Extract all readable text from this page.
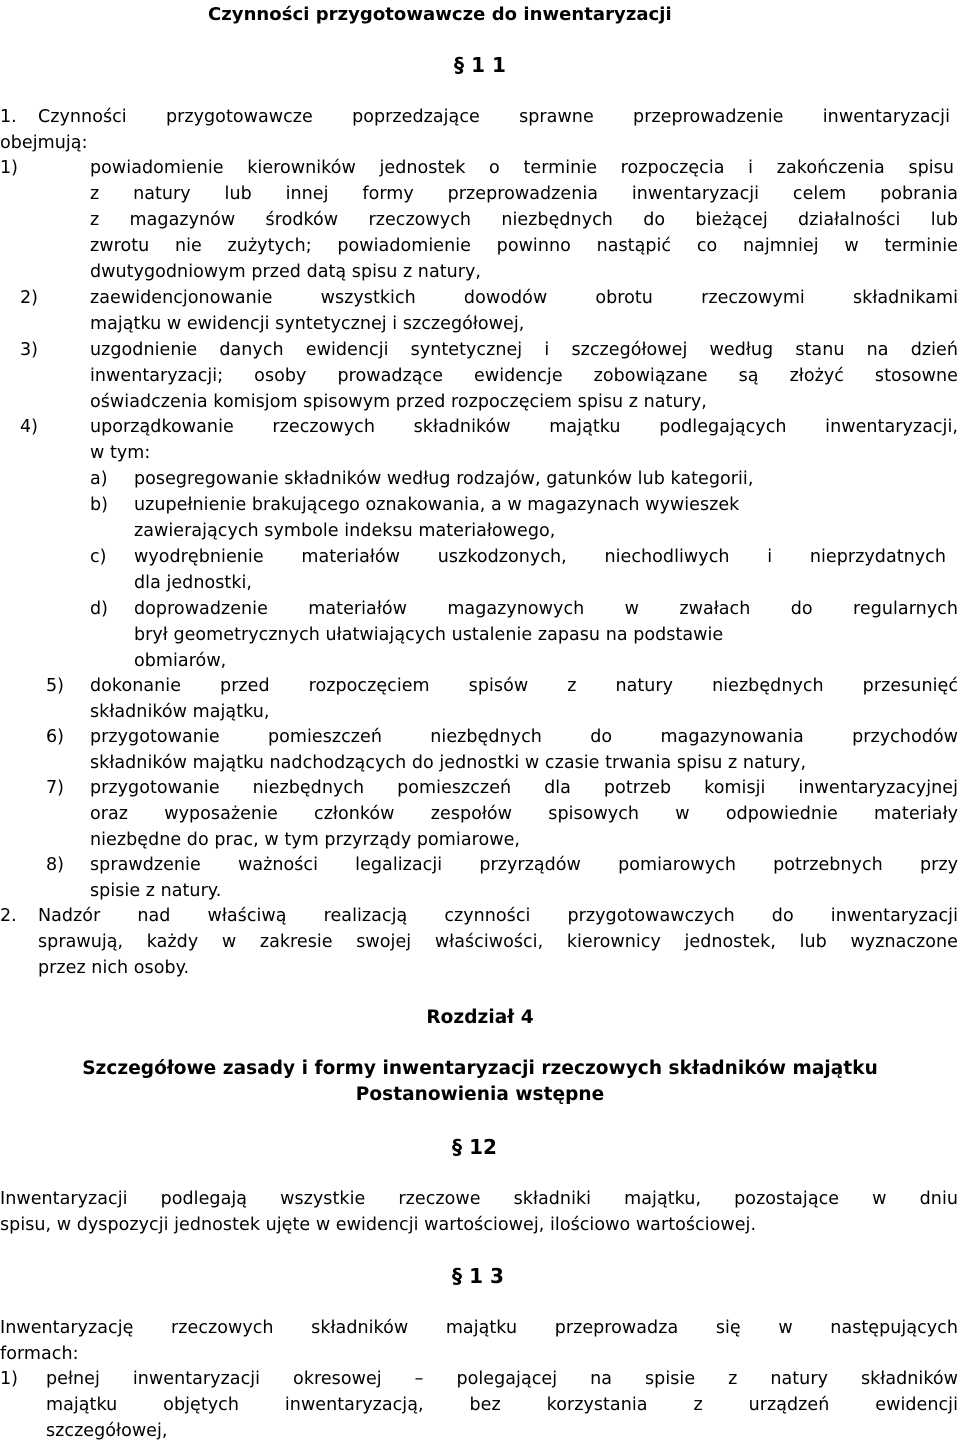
Czynności przygotowawcze do inwentaryzacji
§ 1 1
1. Czynności przygotowawcze poprzedzające sprawne przeprowadzenie inwentaryzacji
obejmują:
1)	powiadomienie kierowników jednostek o terminie rozpoczęcia i zakończenia spisu
z natury lub innej formy przeprowadzenia inwentaryzacji celem pobrania
z magazynów środków rzeczowych niezbędnych do bieżącej działalności lub
zwrotu nie zużytych; powiadomienie powinno nastąpić co najmniej w terminie
dwutygodniowym przed datą spisu z natury,
2)	zaewidencjonowanie wszystkich dowodów obrotu rzeczowymi składnikami
majątku w ewidencji syntetycznej i szczegółowej,
3)	uzgodnienie danych ewidencji syntetycznej i szczegółowej według stanu na dzień
inwentaryzacji; osoby prowadzące ewidencje zobowiązane są złożyć stosowne
oświadczenia komisjom spisowym przed rozpoczęciem spisu z natury,
4)	uporządkowanie rzeczowych składników majątku podlegających inwentaryzacji,
w tym:
a)	posegregowanie składników według rodzajów, gatunków lub kategorii,
b)	uzupełnienie brakującego oznakowania, a w magazynach wywieszek
zawierających symbole indeksu materiałowego,
c)	wyodrębnienie materiałów uszkodzonych, niechodliwych i nieprzydatnych
dla jednostki,
d)	doprowadzenie materiałów magazynowych w zwałach do regularnych
brył geometrycznych ułatwiających ustalenie zapasu na podstawie
obmiarów,
5)	dokonanie przed rozpoczęciem spisów z natury niezbędnych przesunięć
składników majątku,
6)	przygotowanie pomieszczeń niezbędnych do magazynowania przychodów
składników majątku nadchodzących do jednostki w czasie trwania spisu z natury,
7)	przygotowanie niezbędnych pomieszczeń dla potrzeb komisji inwentaryzacyjnej
oraz wyposażenie członków zespołów spisowych w odpowiednie materiały
niezbędne do prac, w tym przyrządy pomiarowe,
8)	sprawdzenie ważności legalizacji przyrządów pomiarowych potrzebnych przy
spisie z natury.
2.	Nadzór nad właściwą realizacją czynności przygotowawczych do inwentaryzacji
sprawują, każdy w zakresie swojej właściwości, kierownicy jednostek, lub wyznaczone
przez nich osoby.
Rozdział 4
Szczegółowe zasady i formy inwentaryzacji rzeczowych składników majątku
Postanowienia wstępne
§ 12
Inwentaryzacji podlegają wszystkie rzeczowe składniki majątku, pozostające w dniu
spisu, w dyspozycji jednostek ujęte w ewidencji wartościowej, ilościowo wartościowej.
§ 1 3
Inwentaryzację rzeczowych składników majątku przeprowadza się w następujących
formach:
1)	pełnej inwentaryzacji okresowej – polegającej na spisie z natury składników
majątku objętych inwentaryzacją, bez korzystania z urządzeń ewidencji
szczegółowej,
